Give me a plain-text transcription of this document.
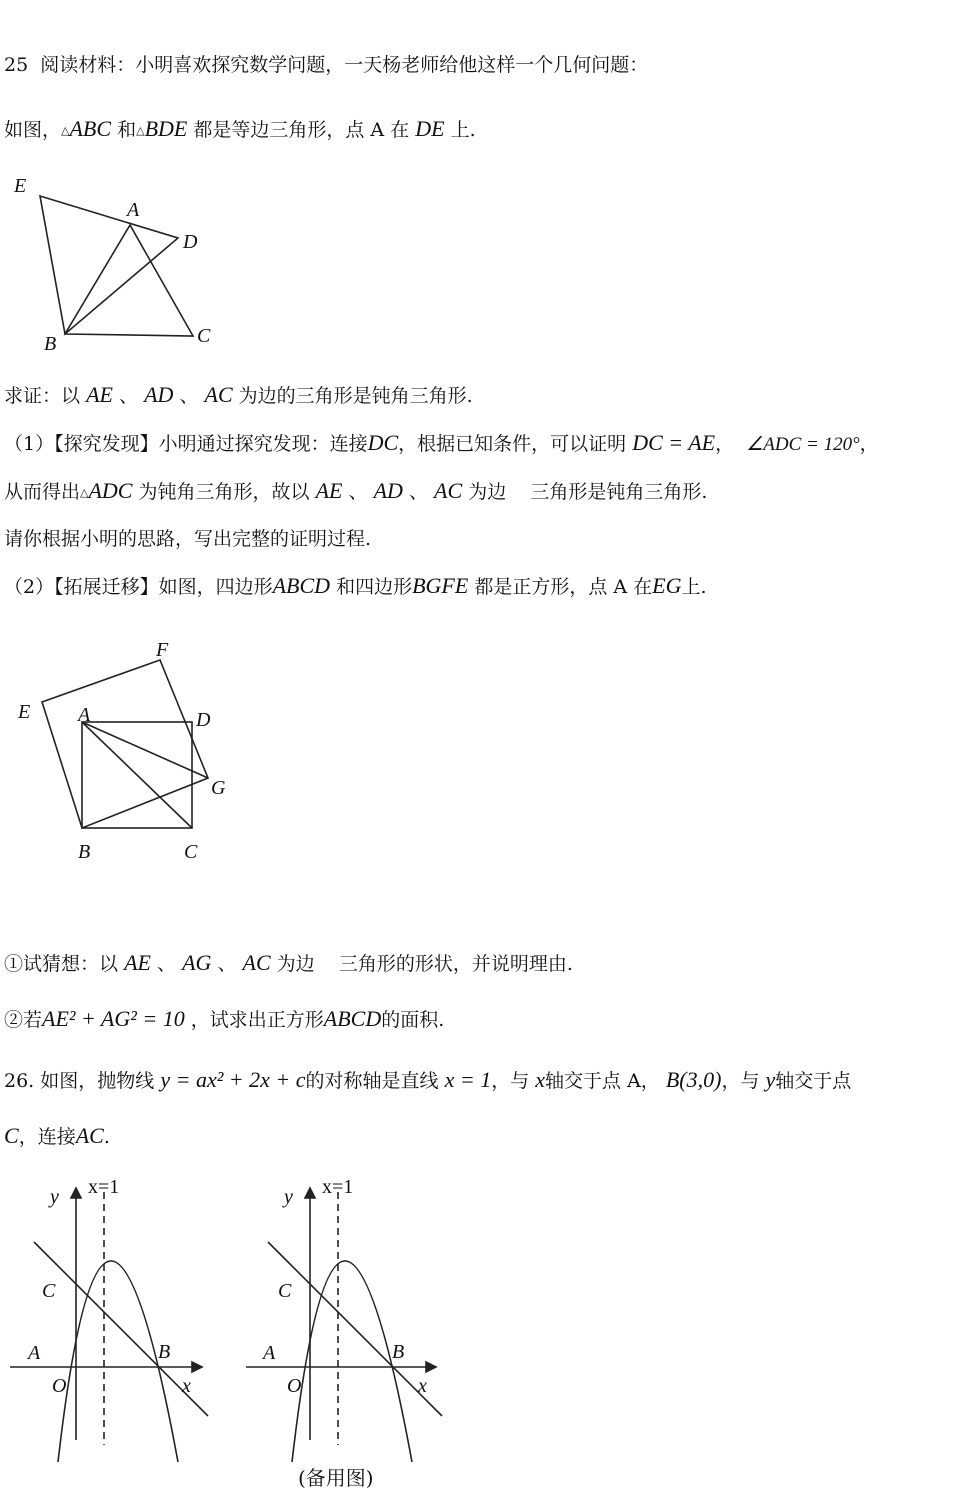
25 阅读材料：小明喜欢探究数学问题，一天杨老师给他这样一个几何问题：
如图，△ABC 和△BDE 都是等边三角形，点 A 在 DE 上.
E
A
D
B	C
求证：以 AE 、 AD 、 AC 为边的三角形是钝角三角形.
（1）【探究发现】小明通过探究发现：连接DC，根据已知条件，可以证明 DC = AE， ∠ADC = 120°，
从而得出△ADC 为钝角三角形，故以 AE 、 AD 、 AC 为边 三角形是钝角三角形.
请你根据小明的思路，写出完整的证明过程.
（2）【拓展迁移】如图，四边形ABCD 和四边形BGFE 都是正方形，点 A 在EG上.
E
F
A	D
G
B	C
①试猜想：以 AE 、 AG 、 AC 为边 三角形的形状，并说明理由.
②若AE² + AG² = 10 ，试求出正方形ABCD的面积.
26. 如图，抛物线 y = ax² + 2x + c的对称轴是直线 x = 1，与 x轴交于点 A， B(3,0)，与 y轴交于点
C，连接AC.
y x=1
C
A	B
O	x
y x=1
C
A	B
O	x
(备用图)
